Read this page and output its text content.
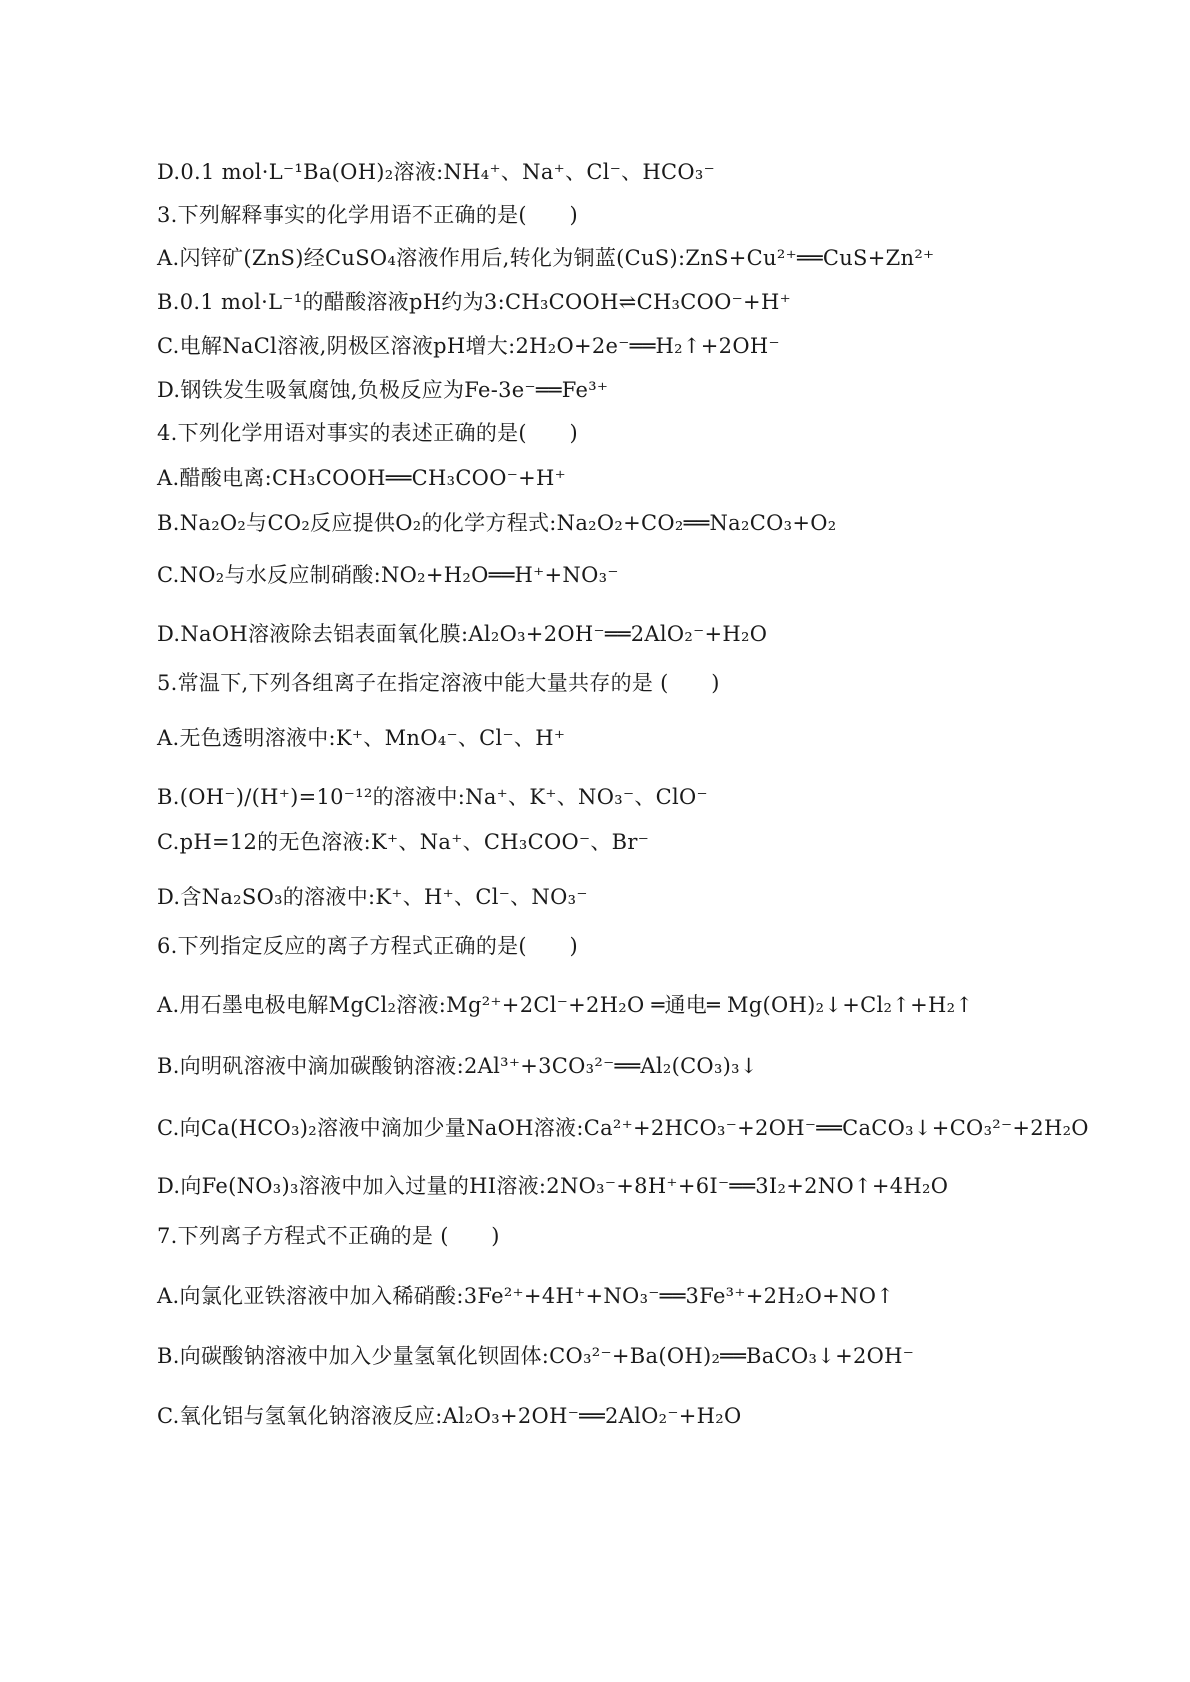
D.0.1 mol·L⁻¹Ba(OH)₂溶液:NH₄⁺、Na⁺、Cl⁻、HCO₃⁻
3.下列解释事实的化学用语不正确的是(　　)
A.闪锌矿(ZnS)经CuSO₄溶液作用后,转化为铜蓝(CuS):ZnS+Cu²⁺══CuS+Zn²⁺
B.0.1 mol·L⁻¹的醋酸溶液pH约为3:CH₃COOH⇌CH₃COO⁻+H⁺
C.电解NaCl溶液,阴极区溶液pH增大:2H₂O+2e⁻══H₂↑+2OH⁻
D.钢铁发生吸氧腐蚀,负极反应为Fe-3e⁻══Fe³⁺
4.下列化学用语对事实的表述正确的是(　　)
A.醋酸电离:CH₃COOH══CH₃COO⁻+H⁺
B.Na₂O₂与CO₂反应提供O₂的化学方程式:Na₂O₂+CO₂══Na₂CO₃+O₂
C.NO₂与水反应制硝酸:NO₂+H₂O══H⁺+NO₃⁻
D.NaOH溶液除去铝表面氧化膜:Al₂O₃+2OH⁻══2AlO₂⁻+H₂O
5.常温下,下列各组离子在指定溶液中能大量共存的是 (　　)
A.无色透明溶液中:K⁺、MnO₄⁻、Cl⁻、H⁺
B.(OH⁻)/(H⁺)=10⁻¹²的溶液中:Na⁺、K⁺、NO₃⁻、ClO⁻
C.pH=12的无色溶液:K⁺、Na⁺、CH₃COO⁻、Br⁻
D.含Na₂SO₃的溶液中:K⁺、H⁺、Cl⁻、NO₃⁻
6.下列指定反应的离子方程式正确的是(　　)
A.用石墨电极电解MgCl₂溶液:Mg²⁺+2Cl⁻+2H₂O ═通电═ Mg(OH)₂↓+Cl₂↑+H₂↑
B.向明矾溶液中滴加碳酸钠溶液:2Al³⁺+3CO₃²⁻══Al₂(CO₃)₃↓
C.向Ca(HCO₃)₂溶液中滴加少量NaOH溶液:Ca²⁺+2HCO₃⁻+2OH⁻══CaCO₃↓+CO₃²⁻+2H₂O
D.向Fe(NO₃)₃溶液中加入过量的HI溶液:2NO₃⁻+8H⁺+6I⁻══3I₂+2NO↑+4H₂O
7.下列离子方程式不正确的是 (　　)
A.向氯化亚铁溶液中加入稀硝酸:3Fe²⁺+4H⁺+NO₃⁻══3Fe³⁺+2H₂O+NO↑
B.向碳酸钠溶液中加入少量氢氧化钡固体:CO₃²⁻+Ba(OH)₂══BaCO₃↓+2OH⁻
C.氧化铝与氢氧化钠溶液反应:Al₂O₃+2OH⁻══2AlO₂⁻+H₂O
